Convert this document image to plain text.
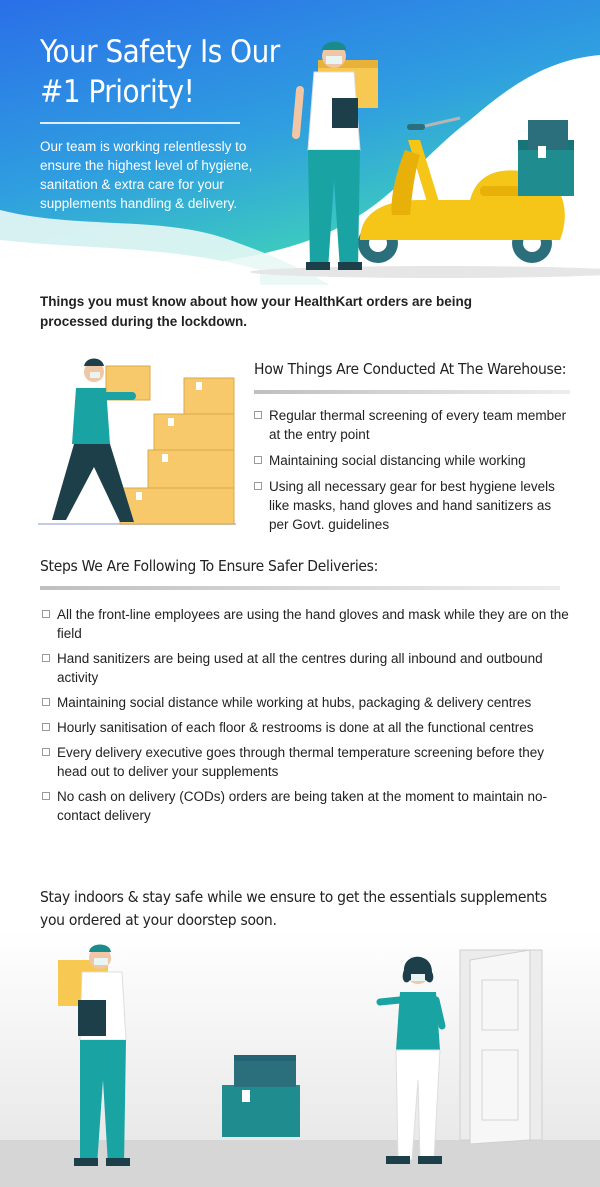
Your Safety Is Our #1 Priority!

Our team is working relentlessly to ensure the highest level of hygiene, sanitation & extra care for your supplements handling & delivery.

Things you must know about how your HealthKart orders are being processed during the lockdown.

How Things Are Conducted At The Warehouse:
Regular thermal screening of every team member at the entry point
Maintaining social distancing while working
Using all necessary gear for best hygiene levels like masks, hand gloves and hand sanitizers as per Govt. guidelines
Steps We Are Following To Ensure Safer Deliveries:
All the front-line employees are using the hand gloves and mask while they are on the field
Hand sanitizers are being used at all the centres during all inbound and outbound activity
Maintaining social distance while working at hubs, packaging & delivery centres
Hourly sanitisation of each floor & restrooms is done at all the functional centres
Every delivery executive goes through thermal temperature screening before they head out to deliver your supplements
No cash on delivery (CODs) orders are being taken at the moment to maintain no-contact delivery

Stay indoors & stay safe while we ensure to get the essentials supplements you ordered at your doorstep soon.
